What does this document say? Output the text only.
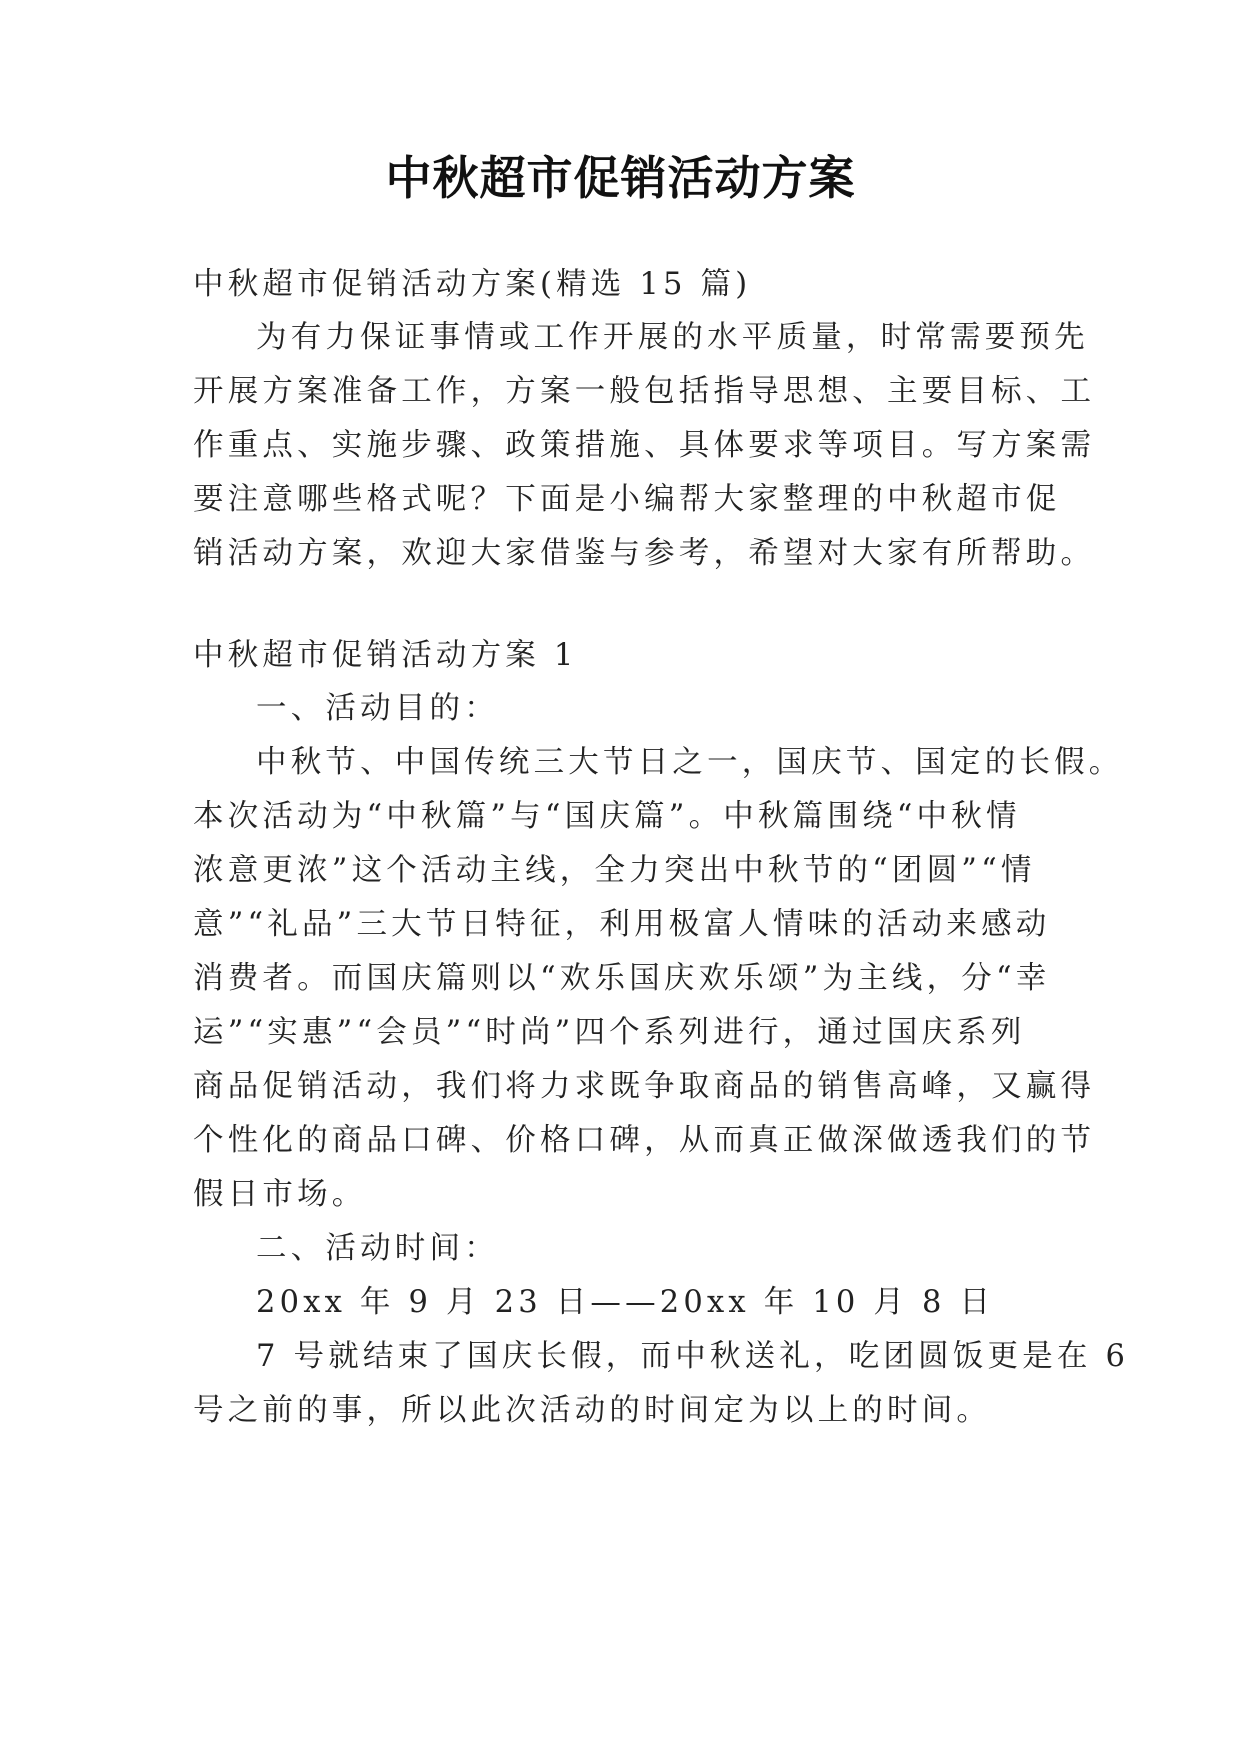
中秋超市促销活动方案
中秋超市促销活动方案(精选 15 篇)
为有力保证事情或工作开展的水平质量，时常需要预先
开展方案准备工作，方案一般包括指导思想、主要目标、工
作重点、实施步骤、政策措施、具体要求等项目。写方案需
要注意哪些格式呢？下面是小编帮大家整理的中秋超市促
销活动方案，欢迎大家借鉴与参考，希望对大家有所帮助。
中秋超市促销活动方案 1
一、活动目的：
中秋节、中国传统三大节日之一，国庆节、国定的长假。
本次活动为“中秋篇”与“国庆篇”。中秋篇围绕“中秋情
浓意更浓”这个活动主线，全力突出中秋节的“团圆”“情
意”“礼品”三大节日特征，利用极富人情味的活动来感动
消费者。而国庆篇则以“欢乐国庆欢乐颂”为主线，分“幸
运”“实惠”“会员”“时尚”四个系列进行，通过国庆系列
商品促销活动，我们将力求既争取商品的销售高峰，又赢得
个性化的商品口碑、价格口碑，从而真正做深做透我们的节
假日市场。
二、活动时间：
20xx 年 9 月 23 日——20xx 年 10 月 8 日
7 号就结束了国庆长假，而中秋送礼，吃团圆饭更是在 6
号之前的事，所以此次活动的时间定为以上的时间。
